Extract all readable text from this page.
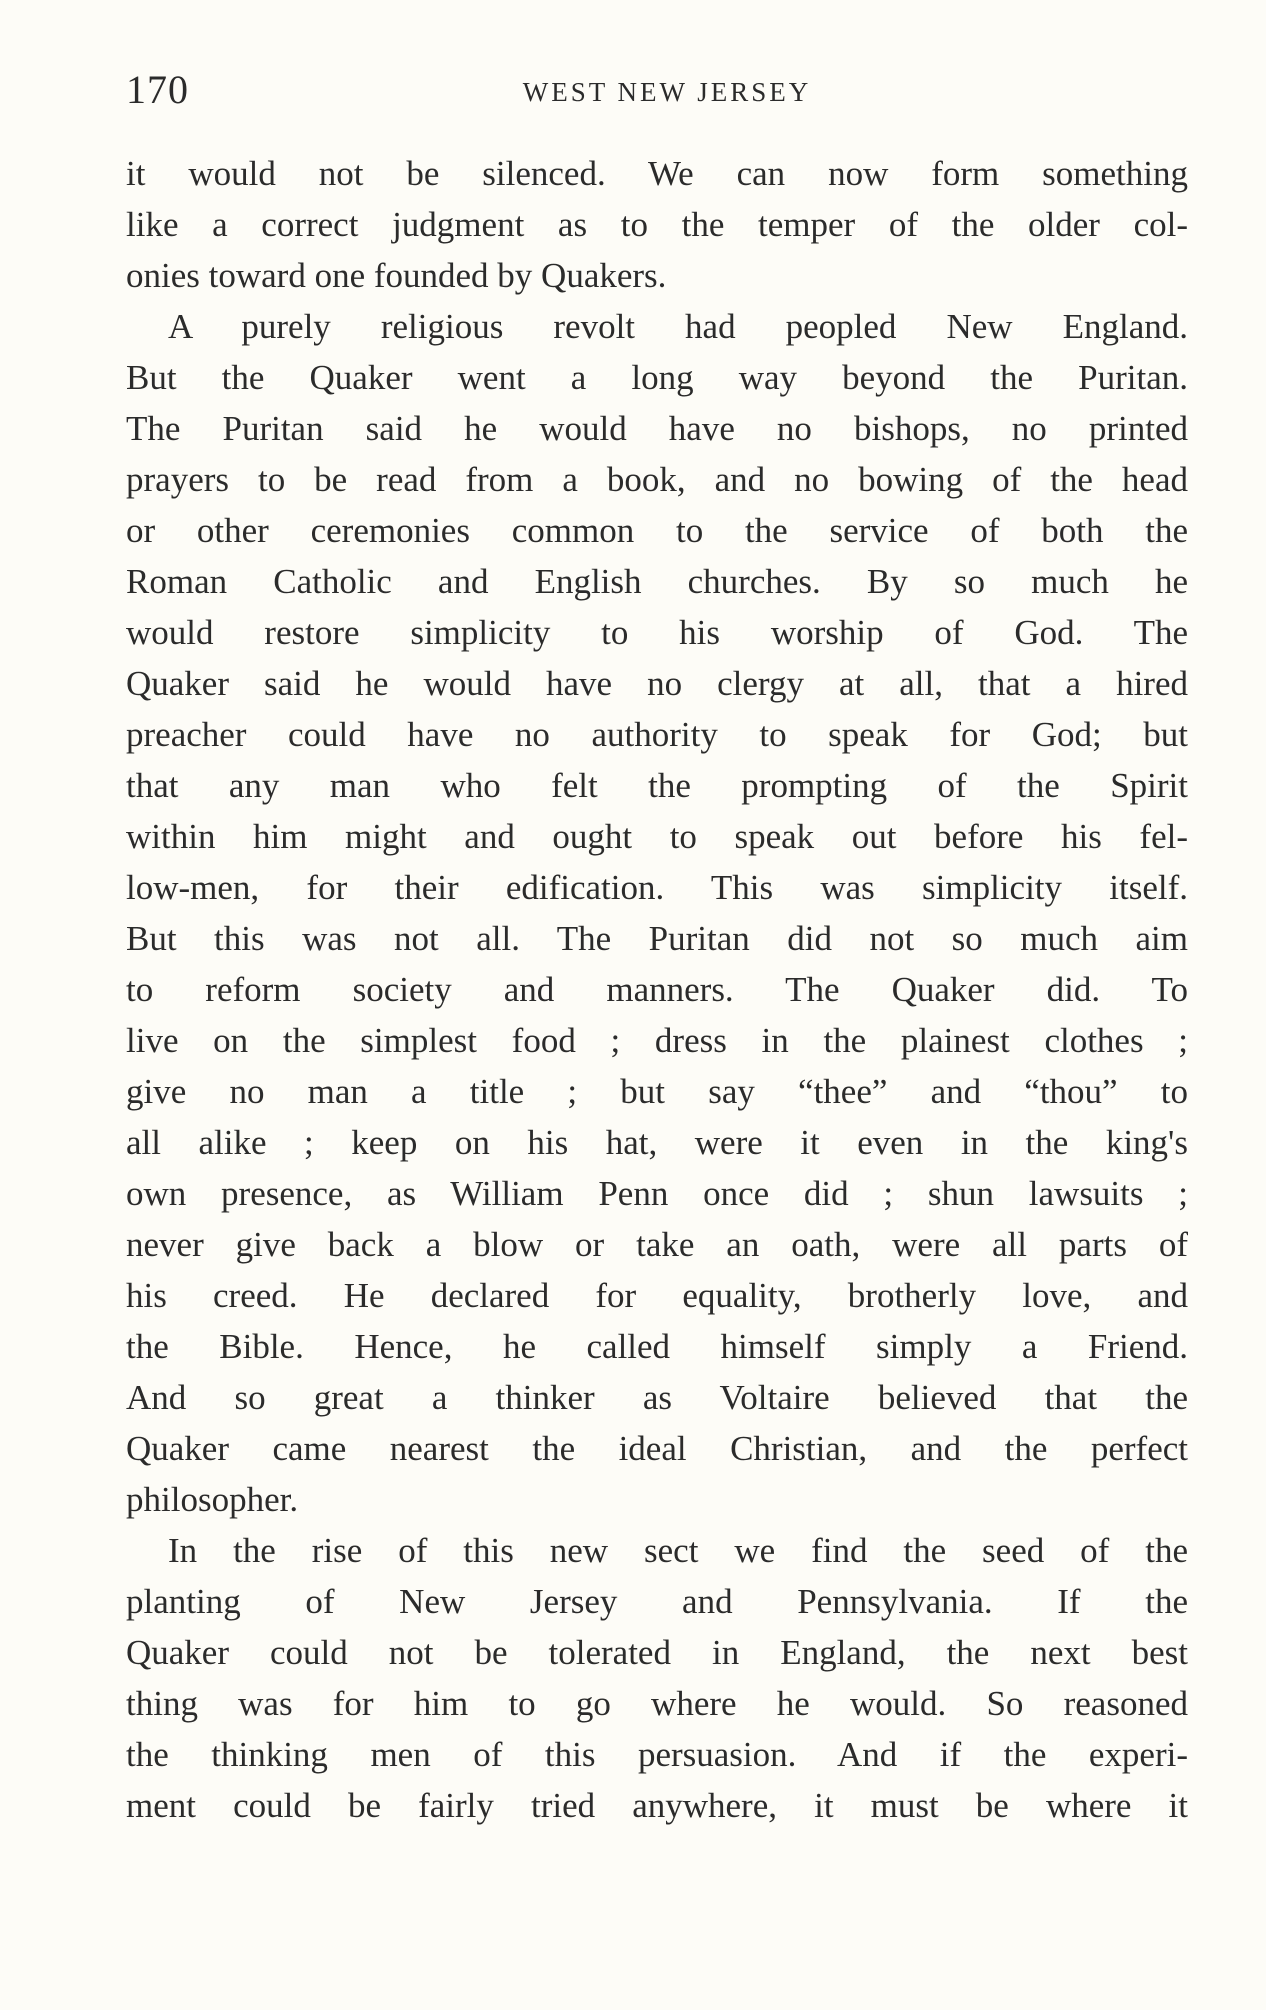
170	WEST NEW JERSEY
it would not be silenced. We can now form something
like a correct judgment as to the temper of the older col-
onies toward one founded by Quakers.
A purely religious revolt had peopled New England.
But the Quaker went a long way beyond the Puritan.
The Puritan said he would have no bishops, no printed
prayers to be read from a book, and no bowing of the head
or other ceremonies common to the service of both the
Roman Catholic and English churches. By so much he
would restore simplicity to his worship of God. The
Quaker said he would have no clergy at all, that a hired
preacher could have no authority to speak for God; but
that any man who felt the prompting of the Spirit
within him might and ought to speak out before his fel-
low-men, for their edification. This was simplicity itself.
But this was not all. The Puritan did not so much aim
to reform society and manners. The Quaker did. To
live on the simplest food ; dress in the plainest clothes ;
give no man a title ; but say “thee” and “thou” to
all alike ; keep on his hat, were it even in the king's
own presence, as William Penn once did ; shun lawsuits ;
never give back a blow or take an oath, were all parts of
his creed. He declared for equality, brotherly love, and
the Bible. Hence, he called himself simply a Friend.
And so great a thinker as Voltaire believed that the
Quaker came nearest the ideal Christian, and the perfect
philosopher.
In the rise of this new sect we find the seed of the
planting of New Jersey and Pennsylvania. If the
Quaker could not be tolerated in England, the next best
thing was for him to go where he would. So reasoned
the thinking men of this persuasion. And if the experi-
ment could be fairly tried anywhere, it must be where it
